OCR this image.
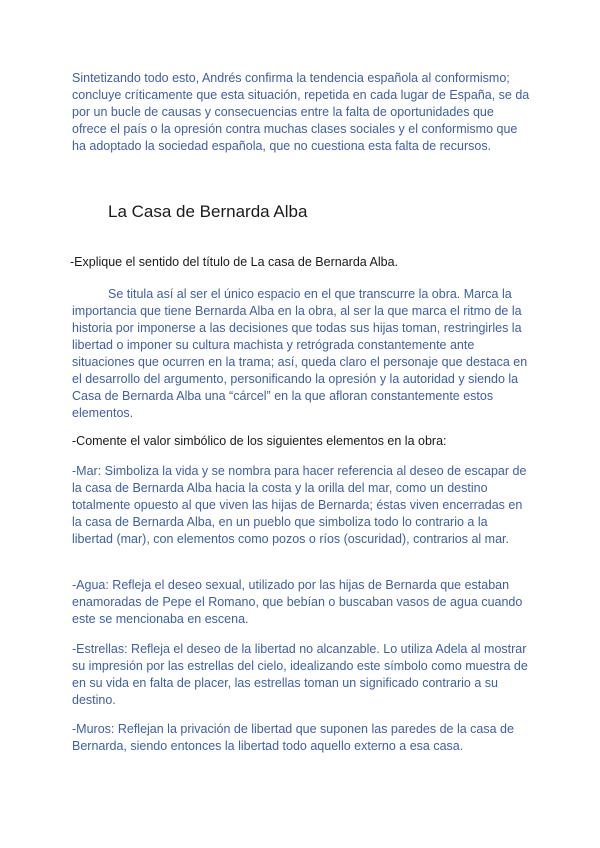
Sintetizando todo esto, Andrés confirma la tendencia española al conformismo; concluye críticamente que esta situación, repetida en cada lugar de España, se da por un bucle de causas y consecuencias entre la falta de oportunidades que ofrece el país o la opresión contra muchas clases sociales y el conformismo que ha adoptado la sociedad española, que no cuestiona esta falta de recursos.

La Casa de Bernarda Alba

-Explique el sentido del título de La casa de Bernarda Alba.

Se titula así al ser el único espacio en el que transcurre la obra. Marca la importancia que tiene Bernarda Alba en la obra, al ser la que marca el ritmo de la historia por imponerse a las decisiones que todas sus hijas toman, restringirles la libertad o imponer su cultura machista y retrógrada constantemente ante situaciones que ocurren en la trama; así, queda claro el personaje que destaca en el desarrollo del argumento, personificando la opresión y la autoridad y siendo la Casa de Bernarda Alba una “cárcel” en la que afloran constantemente estos elementos.

-Comente el valor simbólico de los siguientes elementos en la obra:

-Mar: Simboliza la vida y se nombra para hacer referencia al deseo de escapar de la casa de Bernarda Alba hacia la costa y la orilla del mar, como un destino totalmente opuesto al que viven las hijas de Bernarda; éstas viven encerradas en la casa de Bernarda Alba, en un pueblo que simboliza todo lo contrario a la libertad (mar), con elementos como pozos o ríos (oscuridad), contrarios al mar.

-Agua: Refleja el deseo sexual, utilizado por las hijas de Bernarda que estaban enamoradas de Pepe el Romano, que bebían o buscaban vasos de agua cuando este se mencionaba en escena.

-Estrellas: Refleja el deseo de la libertad no alcanzable. Lo utiliza Adela al mostrar su impresión por las estrellas del cielo, idealizando este símbolo como muestra de en su vida en falta de placer, las estrellas toman un significado contrario a su destino.

-Muros: Reflejan la privación de libertad que suponen las paredes de la casa de Bernarda, siendo entonces la libertad todo aquello externo a esa casa.
